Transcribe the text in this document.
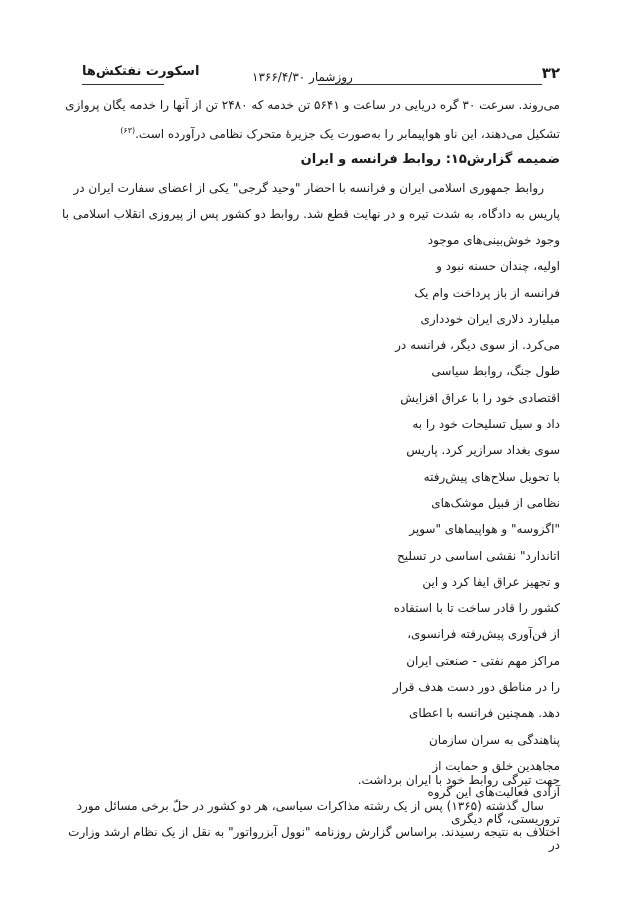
۳۲
روزشمار ۱۳۶۶/۴/۳۰
اسکورت نفتکش‌ها
می‌روند. سرعت ۳۰ گره دریایی در ساعت و ۵۶۴۱ تن خدمه که ۲۴۸۰ تن از آنها را خدمه یگان پروازی
تشکیل می‌دهند، این ناو هواپیمابر را به‌صورت یک جزیرهٔ متحرک نظامی درآورده است.$^{(۶۳)}$
ضمیمه گزارش۱۵: روابط فرانسه و ایران
روابط جمهوری اسلامی ایران و فرانسه با احضار "وحید گرجی" یکی از اعضای سفارت ایران در
پاریس به دادگاه، به شدت تیره و در نهایت قطع شد. روابط دو کشور پس از پیروزی انقلاب اسلامی با
وجود خوش‌بینی‌های موجود
اولیه، چندان حسنه نبود و
فرانسه از باز پرداخت وام یک
میلیارد دلاری ایران خودداری
می‌کرد. از سوی دیگر، فرانسه در
طول جنگ، روابط سیاسی
اقتصادی خود را با عراق افزایش
داد و سیل تسلیحات خود را به
سوی بغداد سرازیر کرد. پاریس
با تحویل سلاح‌های پیش‌رفته
نظامی از قبیل موشک‌های
"اگزوسه" و هواپیماهای "سوپر
اتاندارد" نقشی اساسی در تسلیح
و تجهیز عراق ایفا کرد و این
کشور را قادر ساخت تا با استفاده
از فن‌آوری پیش‌رفته فرانسوی،
مراکز مهم نفتی - صنعتی ایران
را در مناطق دور دست هدف قرار
دهد. همچنین فرانسه با اعطای
پناهندگی به سران سازمان
مجاهدین خلق و حمایت از
آزادی فعالیت‌های این گروه
تروریستی، گام دیگری
در
جهت تیرگی روابط خود با ایران برداشت.
سال گذشته (۱۳۶۵) پس از یک رشته مذاکرات سیاسی، هر دو کشور در حلّ برخی مسائل مورد
اختلاف به نتیجه رسیدند. براساس گزارش روزنامه "نوول آبزرواتور" به نقل از یک نظام ارشد وزارت
